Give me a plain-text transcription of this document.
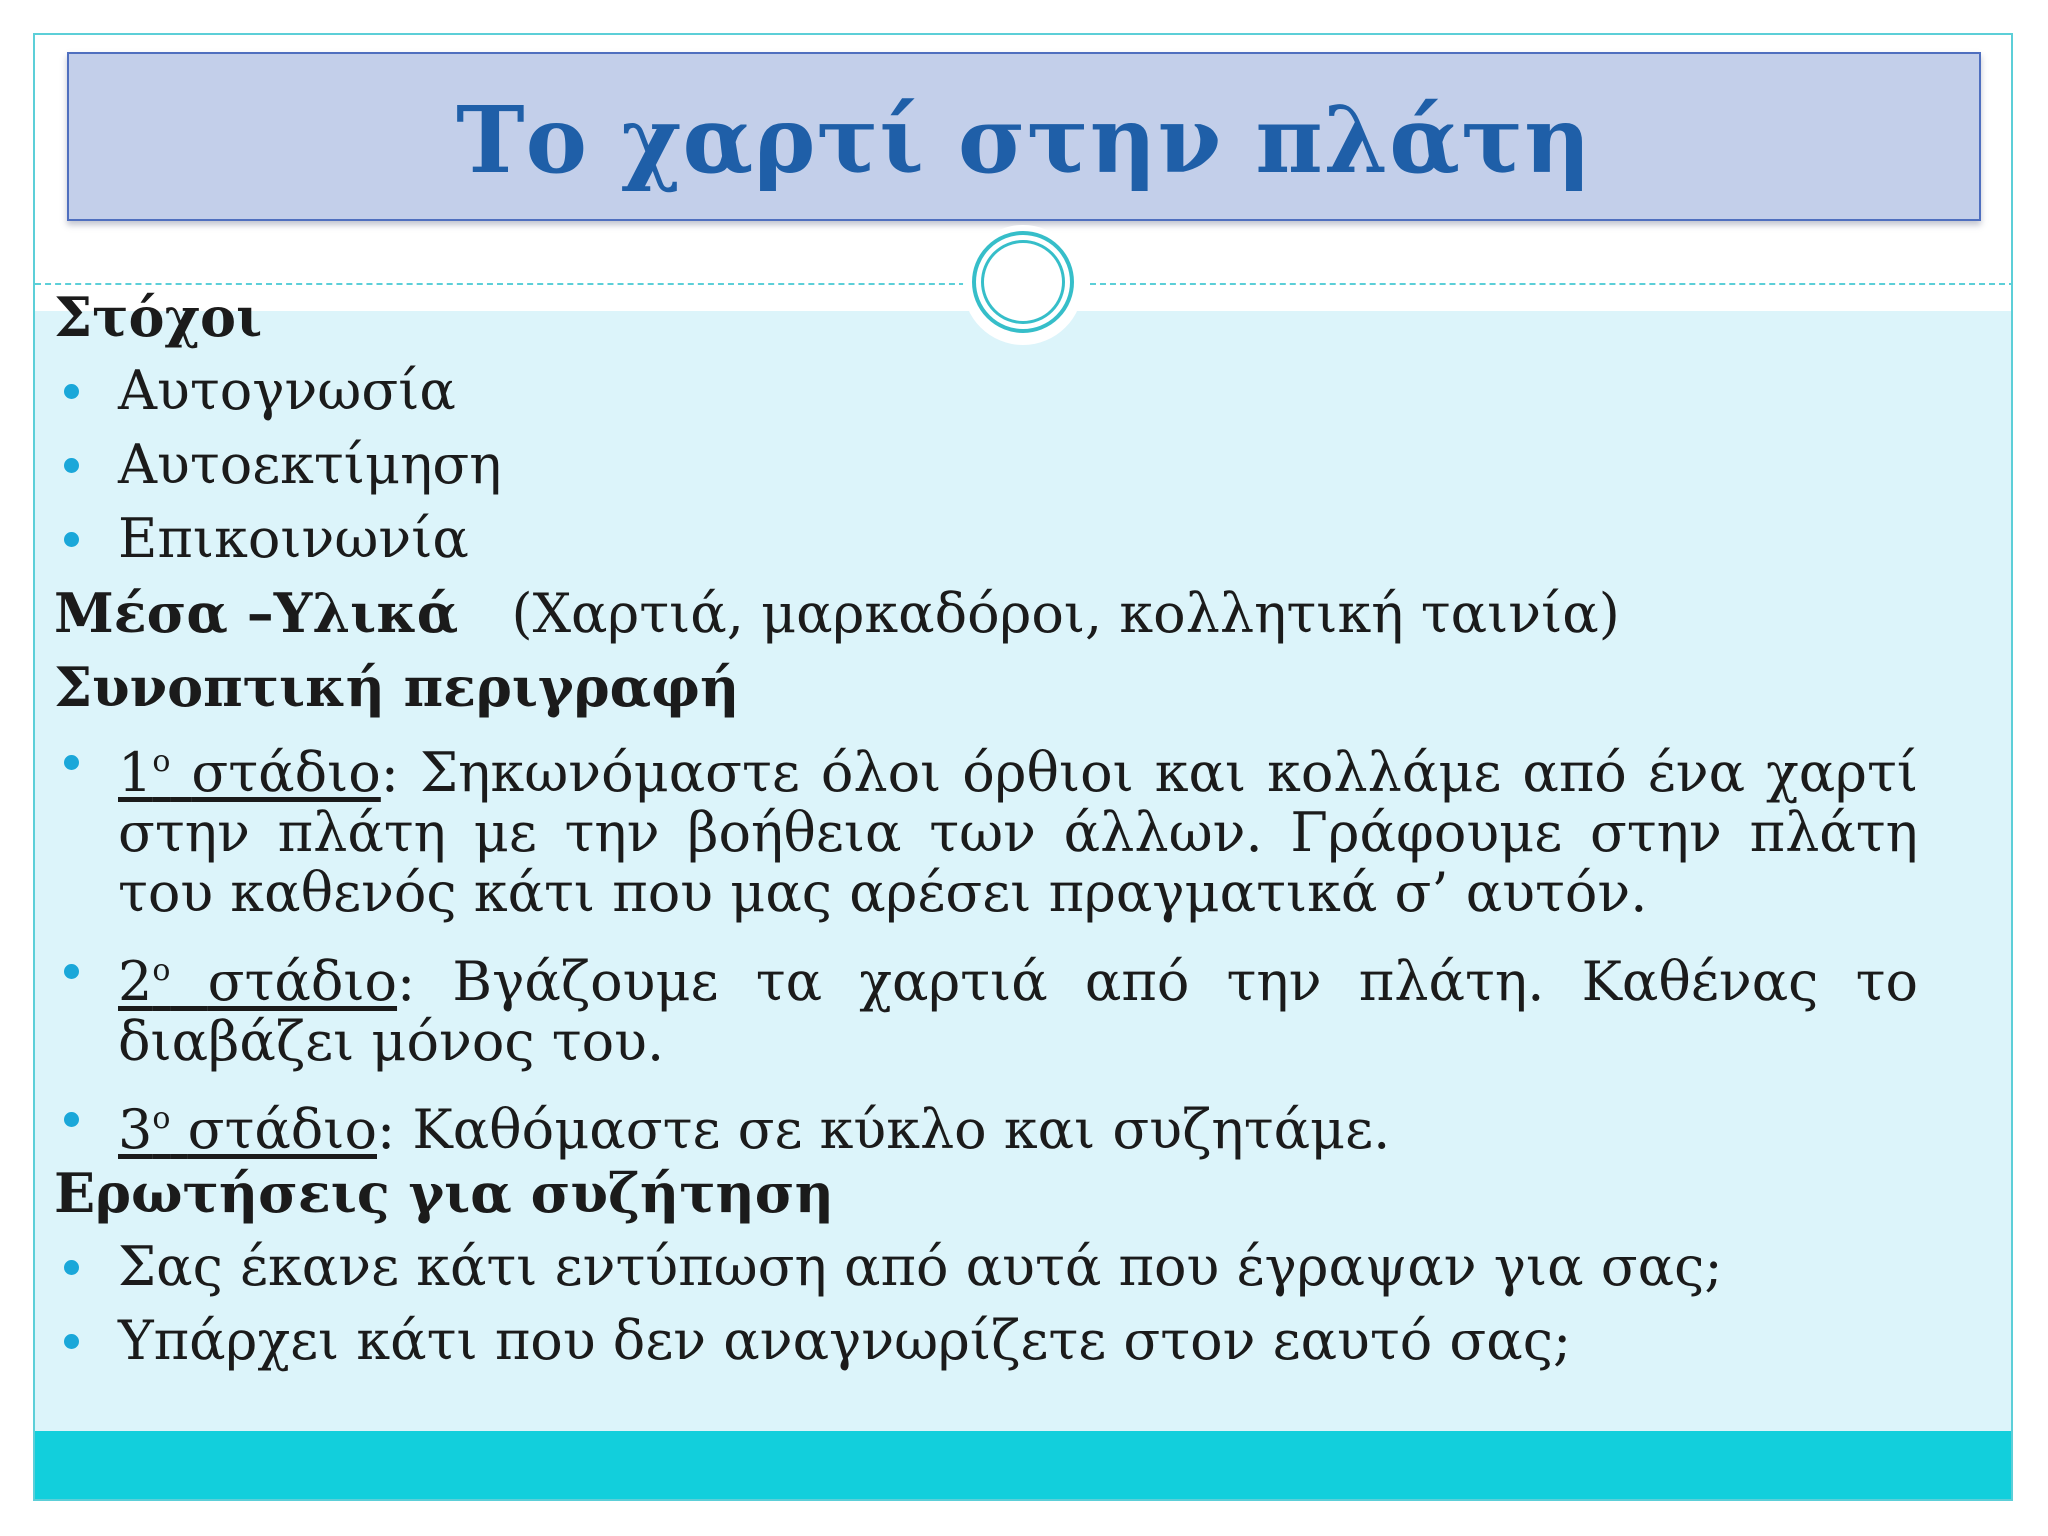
Το χαρτί στην πλάτη
Στόχοι
Αυτογνωσία
Αυτοεκτίμηση
Επικοινωνία
Μέσα –Υλικά (Χαρτιά, μαρκαδόροι, κολλητική ταινία)
Συνοπτική περιγραφή
$1^o$ στάδιο: Σηκωνόμαστε όλοι όρθιοι και κολλάμε από ένα χαρτί στην πλάτη με την βοήθεια των άλλων. Γράφουμε στην πλάτη του καθενός κάτι που μας αρέσει πραγματικά σ’ αυτόν.
$2^o$ στάδιο: Βγάζουμε τα χαρτιά από την πλάτη. Καθένας το διαβάζει μόνος του.
$3^o$ στάδιο: Καθόμαστε σε κύκλο και συζητάμε.
Ερωτήσεις για συζήτηση
Σας έκανε κάτι εντύπωση από αυτά που έγραψαν για σας;
Υπάρχει κάτι που δεν αναγνωρίζετε στον εαυτό σας;
